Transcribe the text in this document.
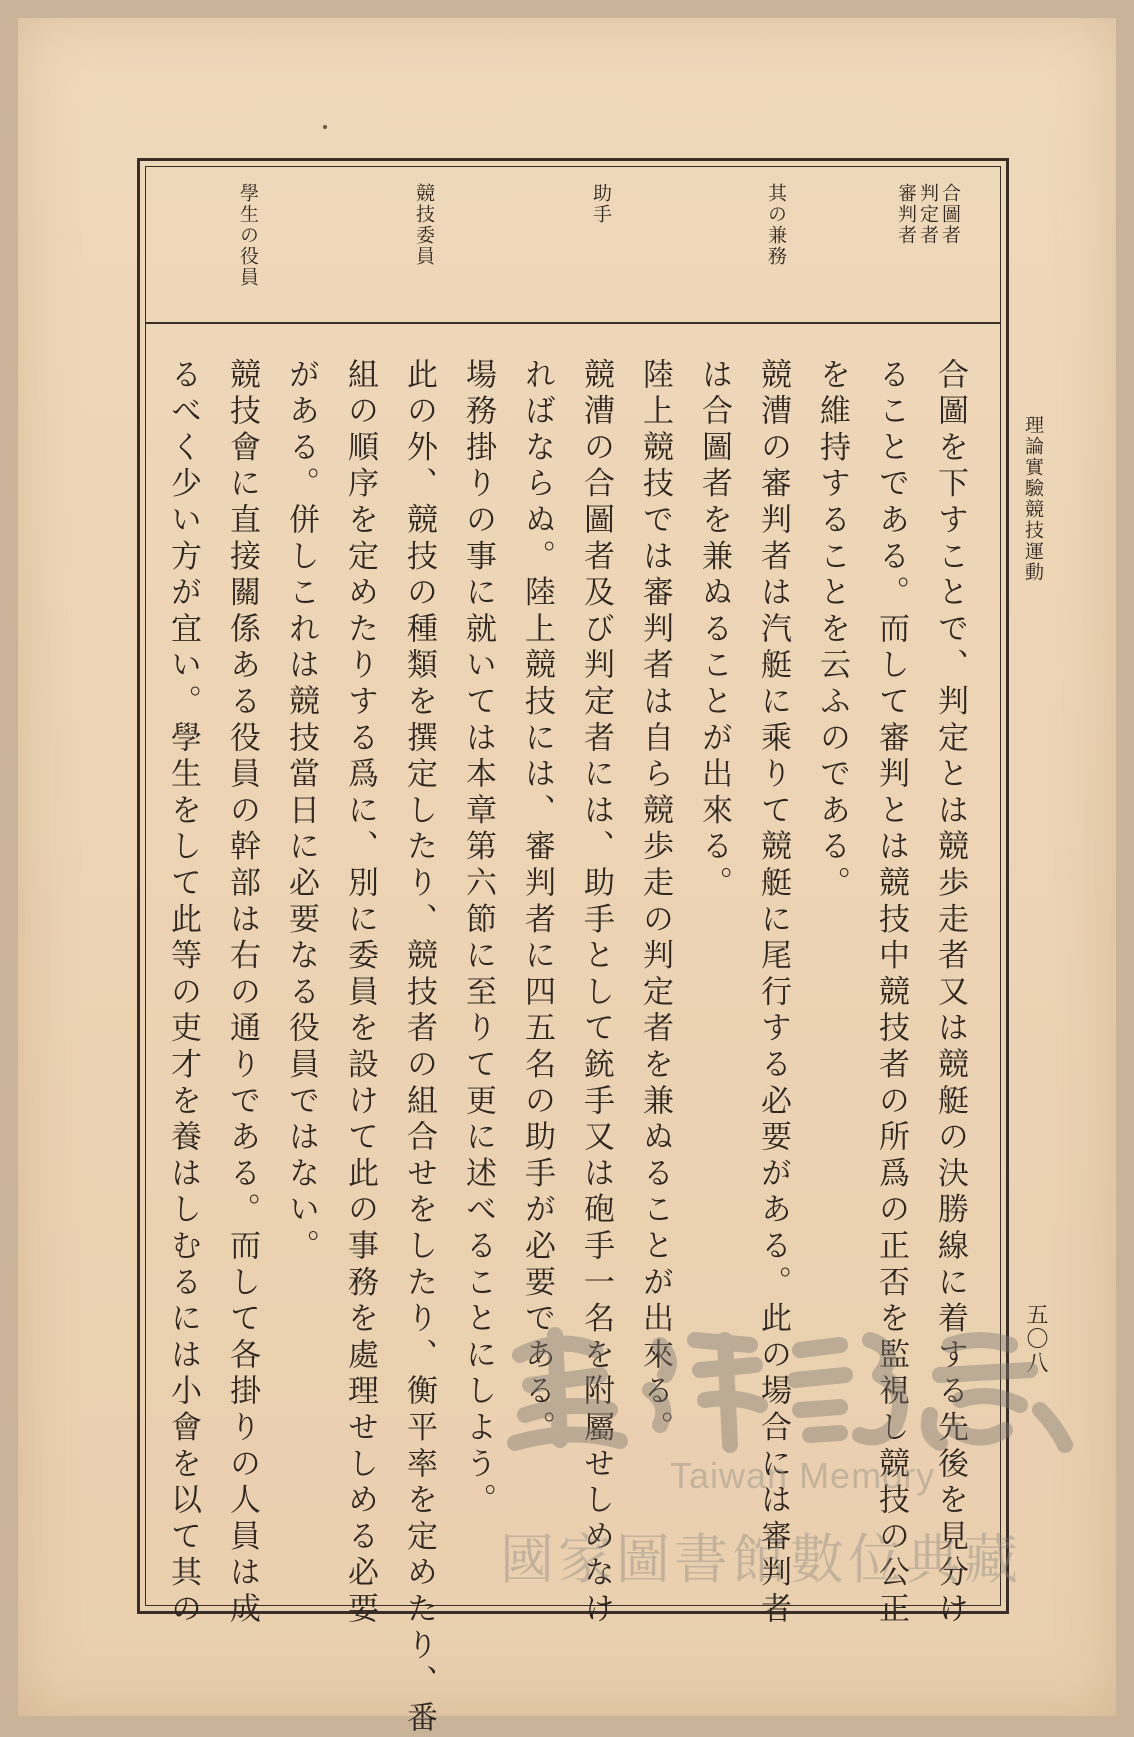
理論實驗競技運動
五〇八
合圖者
判定者
審判者
其の兼務
助手
競技委員
學生の役員
合圖を下すことで、判定とは競歩走者又は競艇の決勝線に着する先後を見分け
ることである。而して審判とは競技中競技者の所爲の正否を監視し競技の公正
を維持することを云ふのである。
競漕の審判者は汽艇に乘りて競艇に尾行する必要がある。此の場合には審判者
は合圖者を兼ぬることが出來る。
陸上競技では審判者は自ら競歩走の判定者を兼ぬることが出來る。
競漕の合圖者及び判定者には、助手として銃手又は砲手一名を附屬せしめなけ
ればならぬ。陸上競技には、審判者に四五名の助手が必要である。
場務掛りの事に就いては本章第六節に至りて更に述べることにしよう。
此の外、競技の種類を撰定したり、競技者の組合せをしたり、衡平率を定めたり、番
組の順序を定めたりする爲に、別に委員を設けて此の事務を處理せしめる必要
がある。併しこれは競技當日に必要なる役員ではない。
競技會に直接關係ある役員の幹部は右の通りである。而して各掛りの人員は成
るべく少い方が宜い。學生をして此等の吏才を養はしむるには小會を以て其の	Taiwan Memory
國家圖書館數位典藏
